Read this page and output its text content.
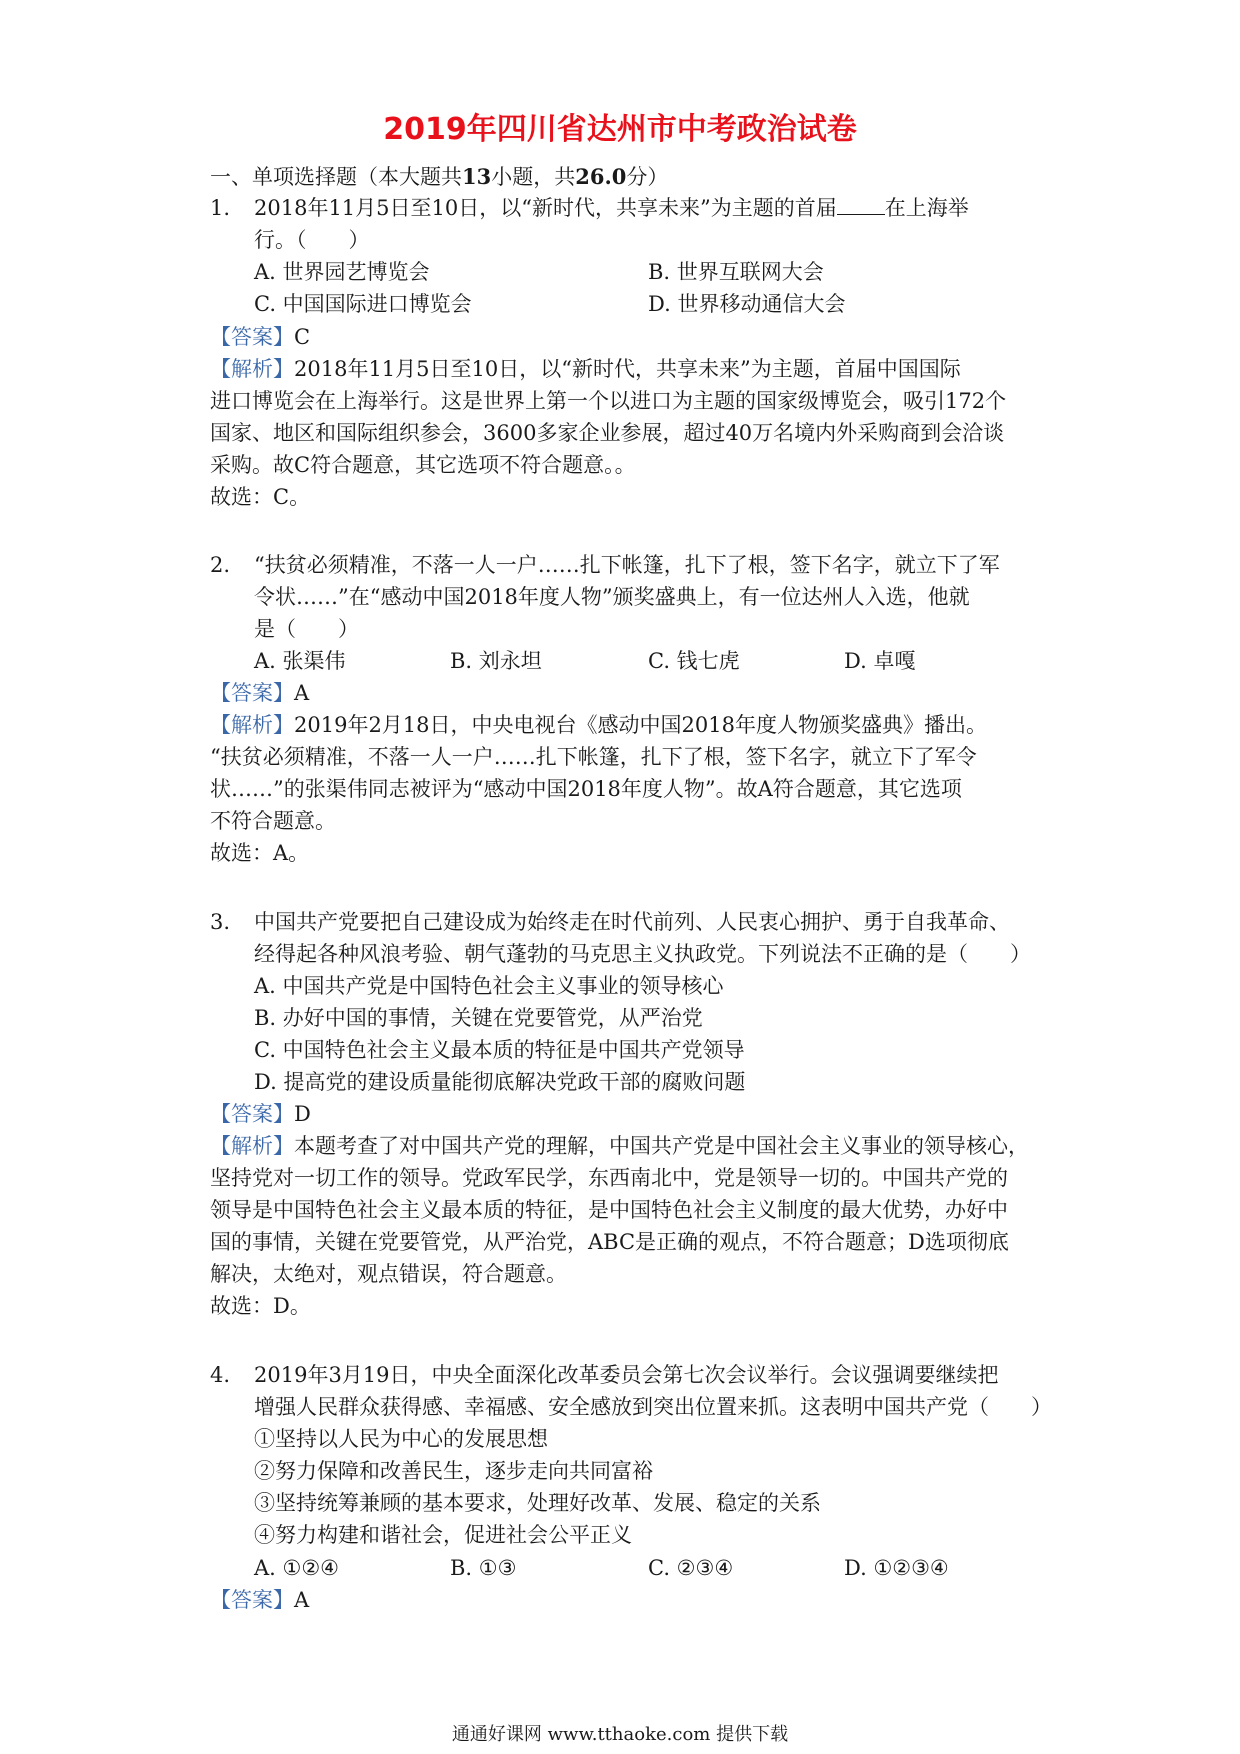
2019年四川省达州市中考政治试卷
一、单项选择题（本大题共13小题，共26.0分）
1. 2018年11月5日至10日，以“新时代，共享未来”为主题的首届 在上海举
行。（　　）
A. 世界园艺博览会	B. 世界互联网大会
C. 中国国际进口博览会	D. 世界移动通信大会
【答案】C
【解析】2018年11月5日至10日，以“新时代，共享未来”为主题，首届中国国际
进口博览会在上海举行。这是世界上第一个以进口为主题的国家级博览会，吸引172个
国家、地区和国际组织参会，3600多家企业参展，超过40万名境内外采购商到会洽谈
采购。故C符合题意，其它选项不符合题意。。
故选：C。
2. “扶贫必须精准，不落一人一户……扎下帐篷，扎下了根，签下名字，就立下了军
令状……”在“感动中国2018年度人物”颁奖盛典上，有一位达州人入选，他就
是（　　）
A. 张渠伟	B. 刘永坦	C. 钱七虎	D. 卓嘎
【答案】A
【解析】2019年2月18日，中央电视台《感动中国2018年度人物颁奖盛典》播出。
“扶贫必须精准，不落一人一户……扎下帐篷，扎下了根，签下名字，就立下了军令
状……”的张渠伟同志被评为“感动中国2018年度人物”。故A符合题意，其它选项
不符合题意。
故选：A。
3. 中国共产党要把自己建设成为始终走在时代前列、人民衷心拥护、勇于自我革命、
经得起各种风浪考验、朝气蓬勃的马克思主义执政党。下列说法不正确的是（　　）
A. 中国共产党是中国特色社会主义事业的领导核心
B. 办好中国的事情，关键在党要管党，从严治党
C. 中国特色社会主义最本质的特征是中国共产党领导
D. 提高党的建设质量能彻底解决党政干部的腐败问题
【答案】D
【解析】本题考查了对中国共产党的理解，中国共产党是中国社会主义事业的领导核心，
坚持党对一切工作的领导。党政军民学，东西南北中，党是领导一切的。中国共产党的
领导是中国特色社会主义最本质的特征，是中国特色社会主义制度的最大优势，办好中
国的事情，关键在党要管党，从严治党，ABC是正确的观点，不符合题意；D选项彻底
解决，太绝对，观点错误，符合题意。
故选：D。
4. 2019年3月19日，中央全面深化改革委员会第七次会议举行。会议强调要继续把
增强人民群众获得感、幸福感、安全感放到突出位置来抓。这表明中国共产党（　　）
①坚持以人民为中心的发展思想
②努力保障和改善民生，逐步走向共同富裕
③坚持统筹兼顾的基本要求，处理好改革、发展、稳定的关系
④努力构建和谐社会，促进社会公平正义
A. ①②④	B. ①③	C. ②③④	D. ①②③④
【答案】A
通通好课网 www.tthaoke.com 提供下载
